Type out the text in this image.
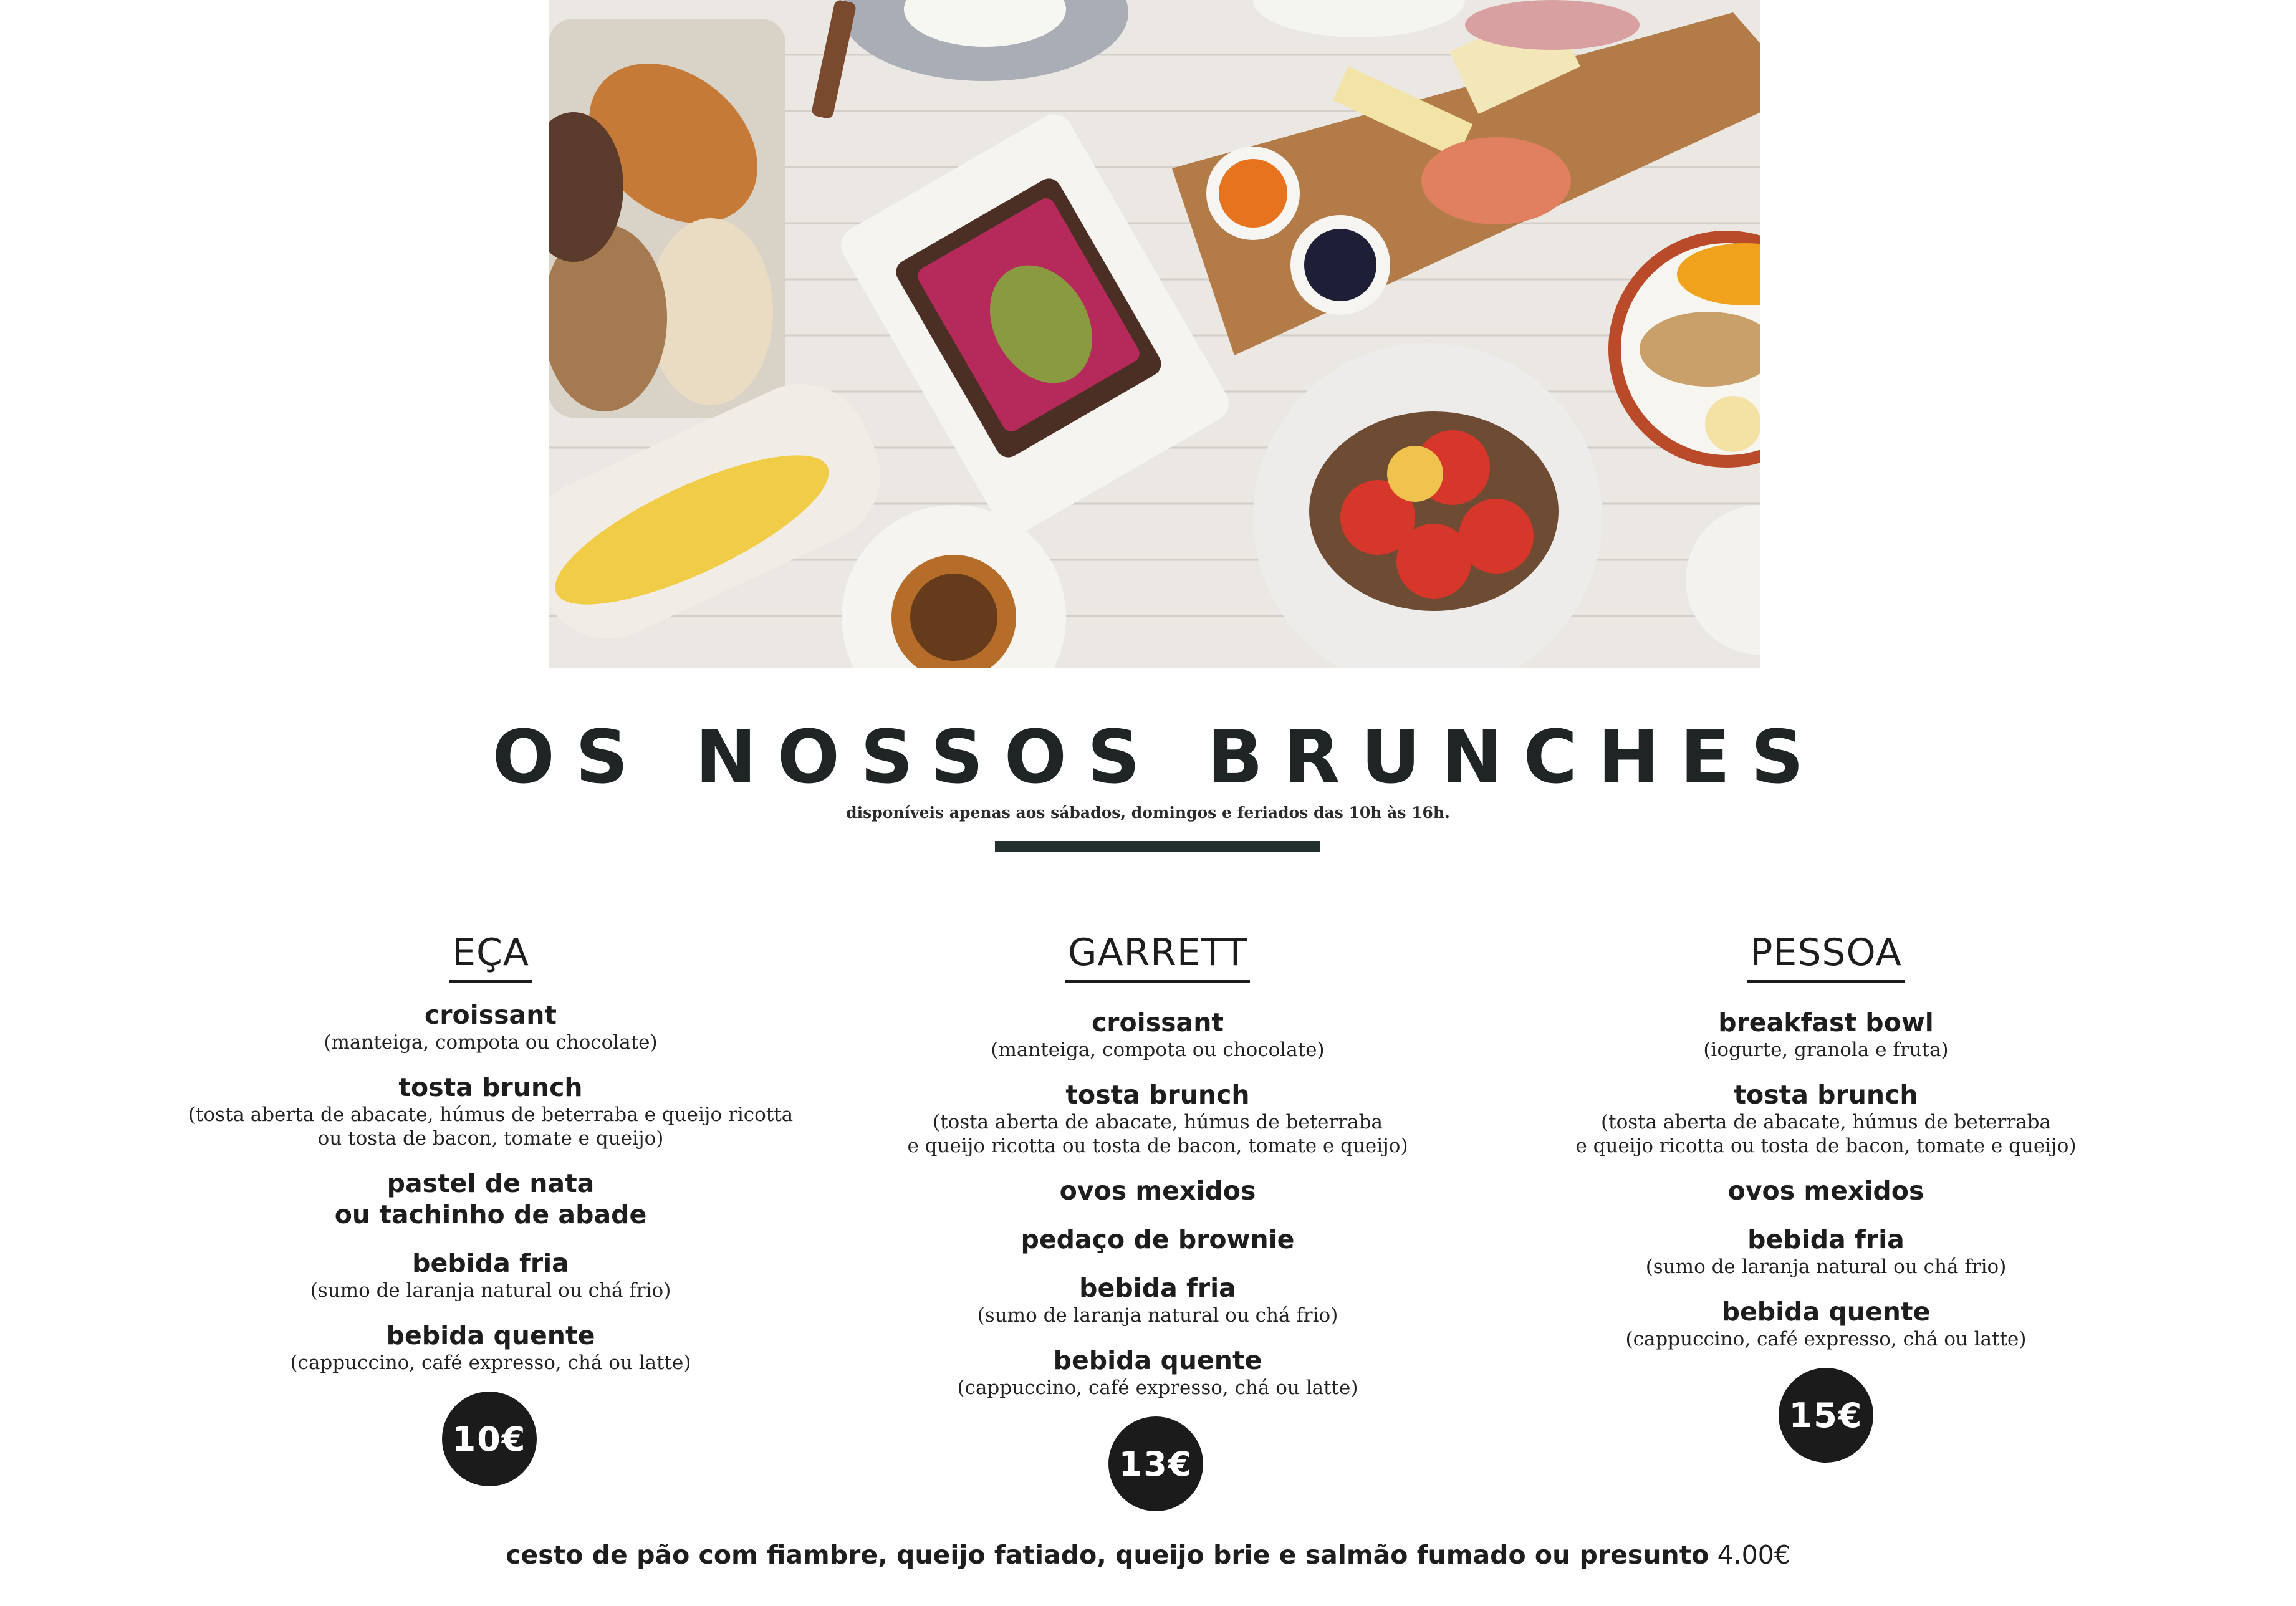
OS NOSSOS BRUNCHES
disponíveis apenas aos sábados, domingos e feriados das 10h às 16h.
EÇA
croissant
(manteiga, compota ou chocolate)
tosta brunch
(tosta aberta de abacate, húmus de beterraba e queijo ricotta
ou tosta de bacon, tomate e queijo)
pastel de nata
ou tachinho de abade
bebida fria
(sumo de laranja natural ou chá frio)
bebida quente
(cappuccino, café expresso, chá ou latte)
10€
GARRETT
croissant
(manteiga, compota ou chocolate)
tosta brunch
(tosta aberta de abacate, húmus de beterraba
e queijo ricotta ou tosta de bacon, tomate e queijo)
ovos mexidos
pedaço de brownie
bebida fria
(sumo de laranja natural ou chá frio)
bebida quente
(cappuccino, café expresso, chá ou latte)
13€
PESSOA
breakfast bowl
(iogurte, granola e fruta)
tosta brunch
(tosta aberta de abacate, húmus de beterraba
e queijo ricotta ou tosta de bacon, tomate e queijo)
ovos mexidos
bebida fria
(sumo de laranja natural ou chá frio)
bebida quente
(cappuccino, café expresso, chá ou latte)
15€
cesto de pão com fiambre, queijo fatiado, queijo brie e salmão fumado ou presunto 4.00€
